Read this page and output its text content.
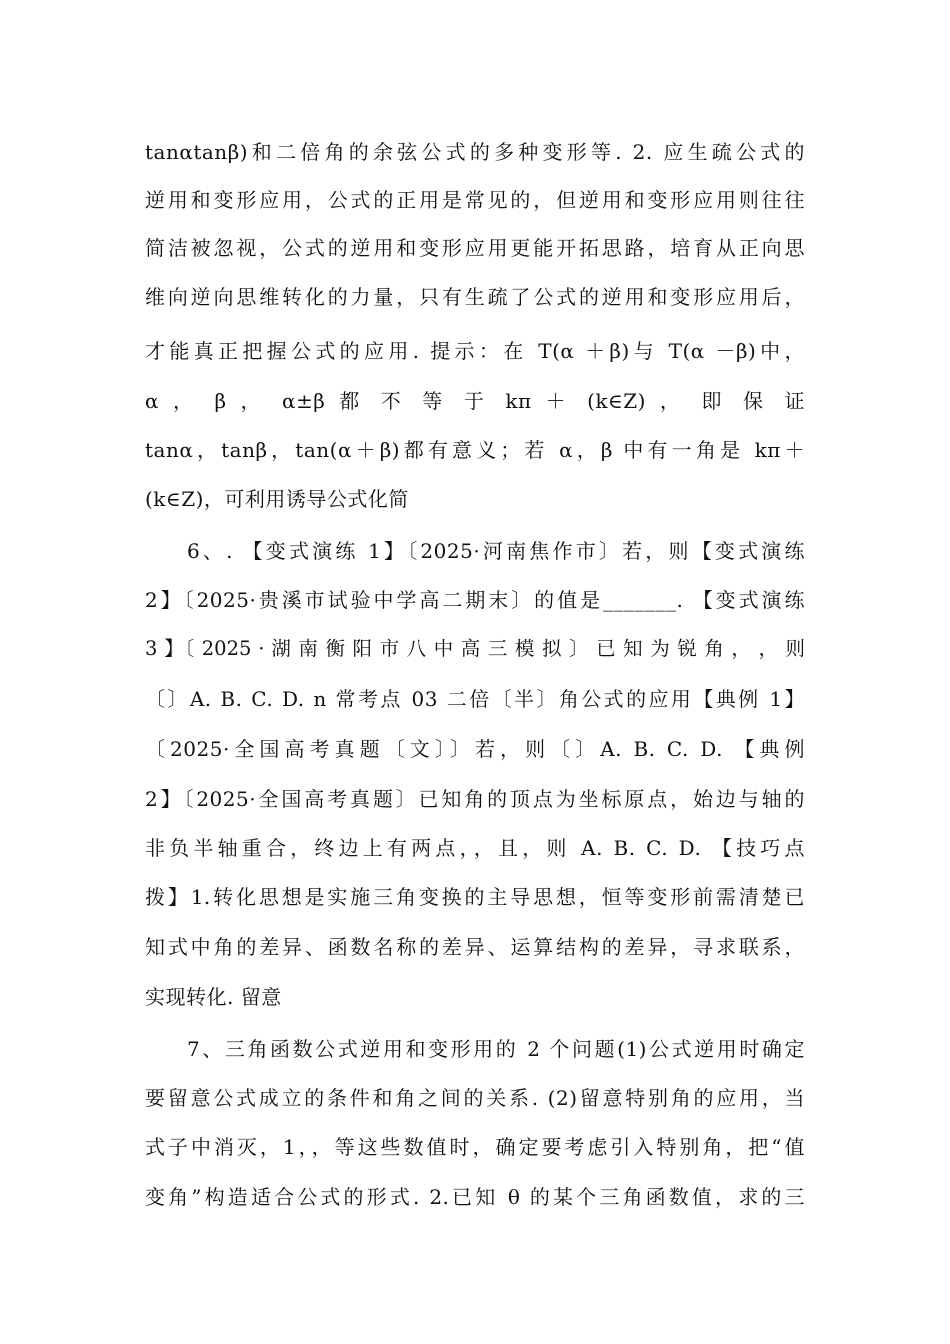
tanαtanβ)和二倍角的余弦公式的多种变形等. 2. 应生疏公式的
逆用和变形应用，公式的正用是常见的，但逆用和变形应用则往往
简洁被忽视，公式的逆用和变形应用更能开拓思路，培育从正向思
维向逆向思维转化的力量，只有生疏了公式的逆用和变形应用后，
才能真正把握公式的应用. 提示：在 T(α ＋β)与 T(α －β)中，
α ， β ， α±β 都 不 等 于 kπ ＋ (k∈Z) ， 即 保 证
tanα，tanβ，tan(α＋β)都有意义；若 α，β 中有一角是 kπ＋
(k∈Z)，可利用诱导公式化简
6、. 【变式演练 1】〔2025·河南焦作市〕若，则【变式演练
2】〔2025·贵溪市试验中学高二期末〕的值是_______. 【变式演练
3 】〔 2025 · 湖 南 衡 阳 市 八 中 高 三 模 拟 〕 已 知 为 锐 角 ， ， 则
〔〕A. B. C. D. n 常考点 03 二倍〔半〕角公式的应用【典例 1】
〔2025·全国高考真题〔文〕〕若，则〔〕A. B. C. D. 【典例
2】〔2025·全国高考真题〕已知角的顶点为坐标原点，始边与轴的
非负半轴重合，终边上有两点，，且，则 A. B. C. D. 【技巧点
拨】1.转化思想是实施三角变换的主导思想，恒等变形前需清楚已
知式中角的差异、函数名称的差异、运算结构的差异，寻求联系，
实现转化. 留意
7、三角函数公式逆用和变形用的 2 个问题(1)公式逆用时确定
要留意公式成立的条件和角之间的关系. (2)留意特别角的应用，当
式子中消灭，1，，等这些数值时，确定要考虑引入特别角，把“值
变角”构造适合公式的形式. 2.已知 θ 的某个三角函数值，求的三
